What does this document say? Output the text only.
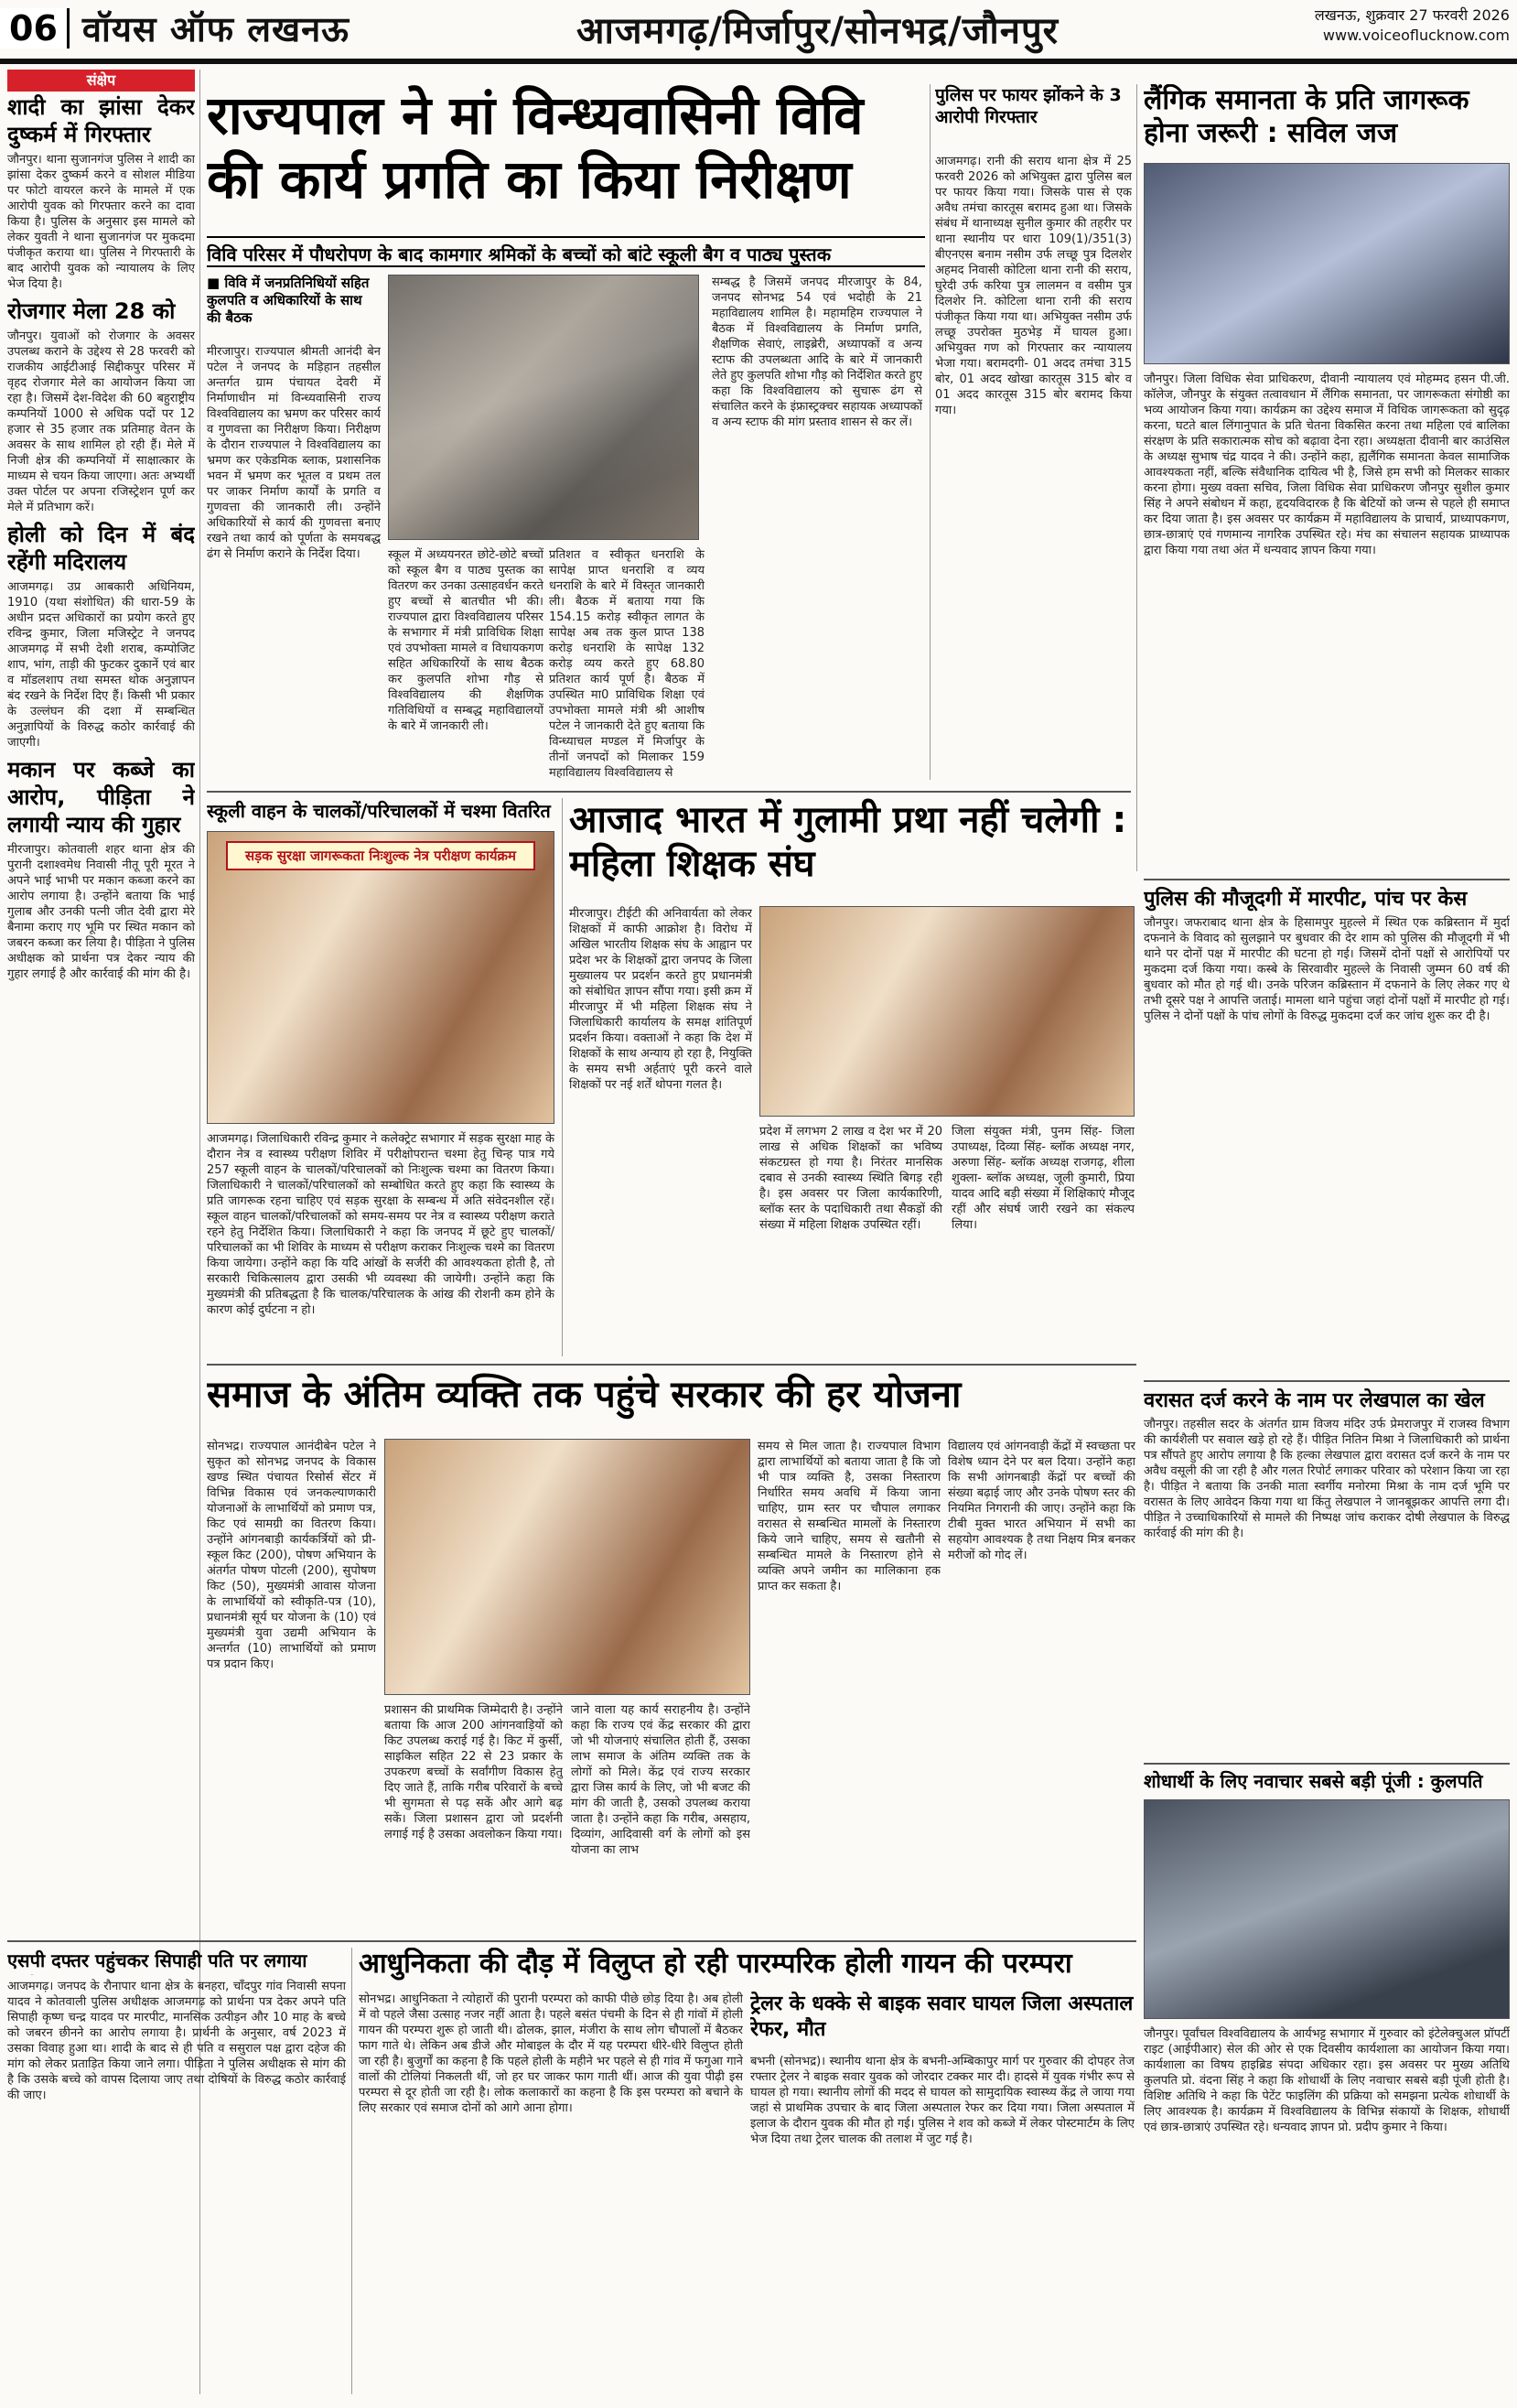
06 वॉयस ऑफ लखनऊ	आजमगढ़/मिर्जापुर/सोनभद्र/जौनपुर	लखनऊ, शुक्रवार 27 फरवरी 2026
www.voiceoflucknow.com
संक्षेप
शादी का झांसा देकर दुष्कर्म में गिरफ्तार

जौनपुर। थाना सुजानगंज पुलिस ने शादी का झांसा देकर दुष्कर्म करने व सोशल मीडिया पर फोटो वायरल करने के मामले में एक आरोपी युवक को गिरफ्तार करने का दावा किया है। पुलिस के अनुसार इस मामले को लेकर युवती ने थाना सुजानगंज पर मुकदमा पंजीकृत कराया था। पुलिस ने गिरफ्तारी के बाद आरोपी युवक को न्यायालय के लिए भेज दिया है।

रोजगार मेला 28 को

जौनपुर। युवाओं को रोजगार के अवसर उपलब्ध कराने के उद्देश्य से 28 फरवरी को राजकीय आईटीआई सिद्दीकपुर परिसर में वृहद रोजगार मेले का आयोजन किया जा रहा है। जिसमें देश-विदेश की 60 बहुराष्ट्रीय कम्पनियों 1000 से अधिक पदों पर 12 हजार से 35 हजार तक प्रतिमाह वेतन के अवसर के साथ शामिल हो रही हैं। मेले में निजी क्षेत्र की कम्पनियों में साक्षात्कार के माध्यम से चयन किया जाएगा। अतः अभ्यर्थी उक्त पोर्टल पर अपना रजिस्ट्रेशन पूर्ण कर मेले में प्रतिभाग करें।

होली को दिन में बंद रहेंगी मदिरालय

आजमगढ़। उप्र आबकारी अधिनियम, 1910 (यथा संशोधित) की धारा-59 के अधीन प्रदत्त अधिकारों का प्रयोग करते हुए रविन्द्र कुमार, जिला मजिस्ट्रेट ने जनपद आजमगढ़ में सभी देशी शराब, कम्पोजिट शाप, भांग, ताड़ी की फुटकर दुकानें एवं बार व मॉडलशाप तथा समस्त थोक अनुज्ञापन बंद रखने के निर्देश दिए हैं। किसी भी प्रकार के उल्लंघन की दशा में सम्बन्धित अनुज्ञापियों के विरुद्ध कठोर कार्रवाई की जाएगी।

मकान पर कब्जे का आरोप, पीड़िता ने लगायी न्याय की गुहार

मीरजापुर। कोतवाली शहर थाना क्षेत्र की पुरानी दशाश्वमेध निवासी नीतू पूरी मूरत ने अपने भाई भाभी पर मकान कब्जा करने का आरोप लगाया है। उन्होंने बताया कि भाई गुलाब और उनकी पत्नी जीत देवी द्वारा मेरे बैनामा कराए गए भूमि पर स्थित मकान को जबरन कब्जा कर लिया है। पीड़िता ने पुलिस अधीक्षक को प्रार्थना पत्र देकर न्याय की गुहार लगाई है और कार्रवाई की मांग की है।

राज्यपाल ने मां विन्ध्यवासिनी विवि की कार्य प्रगति का किया निरीक्षण
विवि परिसर में पौधरोपण के बाद कामगार श्रमिकों के बच्चों को बांटे स्कूली बैग व पाठ्य पुस्तक
■ विवि में जनप्रतिनिधियों सहित कुलपति व अधिकारियों के साथ की बैठक
मीरजापुर। राज्यपाल श्रीमती आनंदी बेन पटेल ने जनपद के मड़िहान तहसील अन्तर्गत ग्राम पंचायत देवरी में निर्माणाधीन मां विन्ध्यवासिनी राज्य विश्वविद्यालय का भ्रमण कर परिसर कार्य व गुणवत्ता का निरीक्षण किया। निरीक्षण के दौरान राज्यपाल ने विश्वविद्यालय का भ्रमण कर एकेडमिक ब्लाक, प्रशासनिक भवन में भ्रमण कर भूतल व प्रथम तल पर जाकर निर्माण कार्यों के प्रगति व गुणवत्ता की जानकारी ली। उन्होंने अधिकारियों से कार्य की गुणवत्ता बनाए रखने तथा कार्य को पूर्णता के समयबद्ध ढंग से निर्माण कराने के निर्देश दिया।	स्कूल में अध्ययनरत छोटे-छोटे बच्चों को स्कूल बैग व पाठ्य पुस्तक का वितरण कर उनका उत्साहवर्धन करते हुए बच्चों से बातचीत भी की। राज्यपाल द्वारा विश्वविद्यालय परिसर के सभागार में मंत्री प्राविधिक शिक्षा एवं उपभोक्ता मामले व विधायकगण सहित अधिकारियों के साथ बैठक कर कुलपति शोभा गौड़ से विश्वविद्यालय की शैक्षणिक गतिविधियों व सम्बद्ध महाविद्यालयों के बारे में जानकारी ली।
प्रतिशत व स्वीकृत धनराशि के सापेक्ष प्राप्त धनराशि व व्यय धनराशि के बारे में विस्तृत जानकारी ली। बैठक में बताया गया कि 154.15 करोड़ स्वीकृत लागत के सापेक्ष अब तक कुल प्राप्त 138 करोड़ धनराशि के सापेक्ष 132 करोड़ व्यय करते हुए 68.80 प्रतिशत कार्य पूर्ण है। बैठक में उपस्थित मा0 प्राविधिक शिक्षा एवं उपभोक्ता मामले मंत्री श्री आशीष पटेल ने जानकारी देते हुए बताया कि विन्ध्याचल मण्डल में मिर्जापुर के तीनों जनपदों को मिलाकर 159 महाविद्यालय विश्वविद्यालय से
सम्बद्ध है जिसमें जनपद मीरजापुर के 84, जनपद सोनभद्र 54 एवं भदोही के 21 महाविद्यालय शामिल है। महामहिम राज्यपाल ने बैठक में विश्वविद्यालय के निर्माण प्रगति, शैक्षणिक सेवाएं, लाइब्रेरी, अध्यापकों व अन्य स्टाफ की उपलब्धता आदि के बारे में जानकारी लेते हुए कुलपति शोभा गौड़ को निर्देशित करते हुए कहा कि विश्वविद्यालय को सुचारू ढंग से संचालित करने के इंफ्रास्ट्रक्चर सहायक अध्यापकों व अन्य स्टाफ की मांग प्रस्ताव शासन से कर लें।
पुलिस पर फायर झोंकने के 3 आरोपी गिरफ्तार
आजमगढ़। रानी की सराय थाना क्षेत्र में 25 फरवरी 2026 को अभियुक्त द्वारा पुलिस बल पर फायर किया गया। जिसके पास से एक अवैध तमंचा कारतूस बरामद हुआ था। जिसके संबंध में थानाध्यक्ष सुनील कुमार की तहरीर पर थाना स्थानीय पर धारा 109(1)/351(3) बीएनएस बनाम नसीम उर्फ लच्छू पुत्र दिलशेर अहमद निवासी कोटिला थाना रानी की सराय, घुरेदी उर्फ करिया पुत्र लालमन व वसीम पुत्र दिलशेर नि. कोटिला थाना रानी की सराय पंजीकृत किया गया था। अभियुक्त नसीम उर्फ लच्छू उपरोक्त मुठभेड़ में घायल हुआ। अभियुक्त गण को गिरफ्तार कर न्यायालय भेजा गया। बरामदगी- 01 अदद तमंचा 315 बोर, 01 अदद खोखा कारतूस 315 बोर व 01 अदद कारतूस 315 बोर बरामद किया गया।
लैंगिक समानता के प्रति जागरूक होना जरूरी : सविल जज
जौनपुर। जिला विधिक सेवा प्राधिकरण, दीवानी न्यायालय एवं मोहम्मद हसन पी.जी. कॉलेज, जौनपुर के संयुक्त तत्वावधान में लैंगिक समानता, पर जागरूकता संगोष्ठी का भव्य आयोजन किया गया। कार्यक्रम का उद्देश्य समाज में विधिक जागरूकता को सुदृढ़ करना, घटते बाल लिंगानुपात के प्रति चेतना विकसित करना तथा महिला एवं बालिका संरक्षण के प्रति सकारात्मक सोच को बढ़ावा देना रहा। अध्यक्षता दीवानी बार काउंसिल के अध्यक्ष सुभाष चंद्र यादव ने की। उन्होंने कहा, ह्यलैंगिक समानता केवल सामाजिक आवश्यकता नहीं, बल्कि संवैधानिक दायित्व भी है, जिसे हम सभी को मिलकर साकार करना होगा। मुख्य वक्ता सचिव, जिला विधिक सेवा प्राधिकरण जौनपुर सुशील कुमार सिंह ने अपने संबोधन में कहा, हृदयविदारक है कि बेटियों को जन्म से पहले ही समाप्त कर दिया जाता है। इस अवसर पर कार्यक्रम में महाविद्यालय के प्राचार्य, प्राध्यापकगण, छात्र-छात्राएं एवं गणमान्य नागरिक उपस्थित रहे। मंच का संचालन सहायक प्राध्यापक द्वारा किया गया तथा अंत में धन्यवाद ज्ञापन किया गया।
स्कूली वाहन के चालकों/परिचालकों में चश्मा वितरित
सड़क सुरक्षा जागरूकता निःशुल्क नेत्र परीक्षण कार्यक्रम
आजमगढ़। जिलाधिकारी रविन्द्र कुमार ने कलेक्ट्रेट सभागार में सड़क सुरक्षा माह के दौरान नेत्र व स्वास्थ्य परीक्षण शिविर में परीक्षोपरान्त चश्मा हेतु चिन्ह पात्र गये 257 स्कूली वाहन के चालकों/परिचालकों को निःशुल्क चश्मा का वितरण किया। जिलाधिकारी ने चालकों/परिचालकों को सम्बोधित करते हुए कहा कि स्वास्थ्य के प्रति जागरूक रहना चाहिए एवं सड़क सुरक्षा के सम्बन्ध में अति संवेदनशील रहें। स्कूल वाहन चालकों/परिचालकों को समय-समय पर नेत्र व स्वास्थ्य परीक्षण कराते रहने हेतु निर्देशित किया। जिलाधिकारी ने कहा कि जनपद में छूटे हुए चालकों/परिचालकों का भी शिविर के माध्यम से परीक्षण कराकर निःशुल्क चश्मे का वितरण किया जायेगा। उन्होंने कहा कि यदि आंखों के सर्जरी की आवश्यकता होती है, तो सरकारी चिकित्सालय द्वारा उसकी भी व्यवस्था की जायेगी। उन्होंने कहा कि मुख्यमंत्री की प्रतिबद्धता है कि चालक/परिचालक के आंख की रोशनी कम होने के कारण कोई दुर्घटना न हो।
आजाद भारत में गुलामी प्रथा नहीं चलेगी : महिला शिक्षक संघ
मीरजापुर। टीईटी की अनिवार्यता को लेकर शिक्षकों में काफी आक्रोश है। विरोध में अखिल भारतीय शिक्षक संघ के आह्वान पर प्रदेश भर के शिक्षकों द्वारा जनपद के जिला मुख्यालय पर प्रदर्शन करते हुए प्रधानमंत्री को संबोधित ज्ञापन सौंपा गया। इसी क्रम में मीरजापुर में भी महिला शिक्षक संघ ने जिलाधिकारी कार्यालय के समक्ष शांतिपूर्ण प्रदर्शन किया। वक्ताओं ने कहा कि देश में शिक्षकों के साथ अन्याय हो रहा है, नियुक्ति के समय सभी अर्हताएं पूरी करने वाले शिक्षकों पर नई शर्तें थोपना गलत है।
प्रदेश में लगभग 2 लाख व देश भर में 20 लाख से अधिक शिक्षकों का भविष्य संकटग्रस्त हो गया है। निरंतर मानसिक दबाव से उनकी स्वास्थ्य स्थिति बिगड़ रही है। इस अवसर पर जिला कार्यकारिणी, ब्लॉक स्तर के पदाधिकारी तथा सैकड़ों की संख्या में महिला शिक्षक उपस्थित रहीं।
जिला संयुक्त मंत्री, पुनम सिंह- जिला उपाध्यक्ष, दिव्या सिंह- ब्लॉक अध्यक्ष नगर, अरुणा सिंह- ब्लॉक अध्यक्ष राजगढ़, शीला शुक्ला- ब्लॉक अध्यक्ष, जूली कुमारी, प्रिया यादव आदि बड़ी संख्या में शिक्षिकाएं मौजूद रहीं और संघर्ष जारी रखने का संकल्प लिया।
पुलिस की मौजूदगी में मारपीट, पांच पर केस
जौनपुर। जफराबाद थाना क्षेत्र के हिसामपुर मुहल्ले में स्थित एक कब्रिस्तान में मुर्दा दफनाने के विवाद को सुलझाने पर बुधवार की देर शाम को पुलिस की मौजूदगी में भी थाने पर दोनों पक्ष में मारपीट की घटना हो गई। जिसमें दोनों पक्षों से आरोपियों पर मुकदमा दर्ज किया गया। कस्बे के सिरवावीर मुहल्ले के निवासी जुम्मन 60 वर्ष की बुधवार को मौत हो गई थी। उनके परिजन कब्रिस्तान में दफनाने के लिए लेकर गए थे तभी दूसरे पक्ष ने आपत्ति जताई। मामला थाने पहुंचा जहां दोनों पक्षों में मारपीट हो गई। पुलिस ने दोनों पक्षों के पांच लोगों के विरुद्ध मुकदमा दर्ज कर जांच शुरू कर दी है।
वरासत दर्ज करने के नाम पर लेखपाल का खेल
जौनपुर। तहसील सदर के अंतर्गत ग्राम विजय मंदिर उर्फ प्रेमराजपुर में राजस्व विभाग की कार्यशैली पर सवाल खड़े हो रहे हैं। पीड़ित नितिन मिश्रा ने जिलाधिकारी को प्रार्थना पत्र सौंपते हुए आरोप लगाया है कि हल्का लेखपाल द्वारा वरासत दर्ज करने के नाम पर अवैध वसूली की जा रही है और गलत रिपोर्ट लगाकर परिवार को परेशान किया जा रहा है। पीड़ित ने बताया कि उनकी माता स्वर्गीय मनोरमा मिश्रा के नाम दर्ज भूमि पर वरासत के लिए आवेदन किया गया था किंतु लेखपाल ने जानबूझकर आपत्ति लगा दी। पीड़ित ने उच्चाधिकारियों से मामले की निष्पक्ष जांच कराकर दोषी लेखपाल के विरुद्ध कार्रवाई की मांग की है।
शोधार्थी के लिए नवाचार सबसे बड़ी पूंजी : कुलपति
जौनपुर। पूर्वांचल विश्वविद्यालय के आर्यभट्ट सभागार में गुरुवार को इंटेलेक्चुअल प्रॉपर्टी राइट (आईपीआर) सेल की ओर से एक दिवसीय कार्यशाला का आयोजन किया गया। कार्यशाला का विषय हाइब्रिड संपदा अधिकार रहा। इस अवसर पर मुख्य अतिथि कुलपति प्रो. वंदना सिंह ने कहा कि शोधार्थी के लिए नवाचार सबसे बड़ी पूंजी होती है। विशिष्ट अतिथि ने कहा कि पेटेंट फाइलिंग की प्रक्रिया को समझना प्रत्येक शोधार्थी के लिए आवश्यक है। कार्यक्रम में विश्वविद्यालय के विभिन्न संकायों के शिक्षक, शोधार्थी एवं छात्र-छात्राएं उपस्थित रहे। धन्यवाद ज्ञापन प्रो. प्रदीप कुमार ने किया।
समाज के अंतिम व्यक्ति तक पहुंचे सरकार की हर योजना
सोनभद्र। राज्यपाल आनंदीबेन पटेल ने सुकृत को सोनभद्र जनपद के विकास खण्ड स्थित पंचायत रिसोर्स सेंटर में विभिन्न विकास एवं जनकल्याणकारी योजनाओं के लाभार्थियों को प्रमाण पत्र, किट एवं सामग्री का वितरण किया। उन्होंने आंगनबाड़ी कार्यकर्त्रियों को प्री-स्कूल किट (200), पोषण अभियान के अंतर्गत पोषण पोटली (200), सुपोषण किट (50), मुख्यमंत्री आवास योजना के लाभार्थियों को स्वीकृति-पत्र (10), प्रधानमंत्री सूर्य घर योजना के (10) एवं मुख्यमंत्री युवा उद्यमी अभियान के अन्तर्गत (10) लाभार्थियों को प्रमाण पत्र प्रदान किए।
प्रशासन की प्राथमिक जिम्मेदारी है। उन्होंने बताया कि आज 200 आंगनवाड़ियों को किट उपलब्ध कराई गई है। किट में कुर्सी, साइकिल सहित 22 से 23 प्रकार के उपकरण बच्चों के सर्वांगीण विकास हेतु दिए जाते हैं, ताकि गरीब परिवारों के बच्चे भी सुगमता से पढ़ सकें और आगे बढ़ सकें। जिला प्रशासन द्वारा जो प्रदर्शनी लगाई गई है उसका अवलोकन किया गया।
जाने वाला यह कार्य सराहनीय है। उन्होंने कहा कि राज्य एवं केंद्र सरकार की द्वारा जो भी योजनाएं संचालित होती हैं, उसका लाभ समाज के अंतिम व्यक्ति तक के लोगों को मिले। केंद्र एवं राज्य सरकार द्वारा जिस कार्य के लिए, जो भी बजट की मांग की जाती है, उसको उपलब्ध कराया जाता है। उन्होंने कहा कि गरीब, असहाय, दिव्यांग, आदिवासी वर्ग के लोगों को इस योजना का लाभ
समय से मिल जाता है। राज्यपाल विभाग द्वारा लाभार्थियों को बताया जाता है कि जो भी पात्र व्यक्ति है, उसका निस्तारण निर्धारित समय अवधि में किया जाना चाहिए, ग्राम स्तर पर चौपाल लगाकर वरासत से सम्बन्धित मामलों के निस्तारण किये जाने चाहिए, समय से खतौनी से सम्बन्धित मामले के निस्तारण होने से व्यक्ति अपने जमीन का मालिकाना हक प्राप्त कर सकता है।
विद्यालय एवं आंगनवाड़ी केंद्रों में स्वच्छता पर विशेष ध्यान देने पर बल दिया। उन्होंने कहा कि सभी आंगनबाड़ी केंद्रों पर बच्चों की संख्या बढ़ाई जाए और उनके पोषण स्तर की नियमित निगरानी की जाए। उन्होंने कहा कि टीबी मुक्त भारत अभियान में सभी का सहयोग आवश्यक है तथा निक्षय मित्र बनकर मरीजों को गोद लें।
एसपी दफ्तर पहुंचकर सिपाही पति पर लगाया
आजमगढ़। जनपद के रौनापार थाना क्षेत्र के बनहरा, चाँदपुर गांव निवासी सपना यादव ने कोतवाली पुलिस अधीक्षक आजमगढ़ को प्रार्थना पत्र देकर अपने पति सिपाही कृष्ण चन्द्र यादव पर मारपीट, मानसिक उत्पीड़न और 10 माह के बच्चे को जबरन छीनने का आरोप लगाया है। प्रार्थनी के अनुसार, वर्ष 2023 में उसका विवाह हुआ था। शादी के बाद से ही पति व ससुराल पक्ष द्वारा दहेज की मांग को लेकर प्रताड़ित किया जाने लगा। पीड़िता ने पुलिस अधीक्षक से मांग की है कि उसके बच्चे को वापस दिलाया जाए तथा दोषियों के विरुद्ध कठोर कार्रवाई की जाए।
आधुनिकता की दौड़ में विलुप्त हो रही पारम्परिक होली गायन की परम्परा
सोनभद्र। आधुनिकता ने त्योहारों की पुरानी परम्परा को काफी पीछे छोड़ दिया है। अब होली में वो पहले जैसा उत्साह नजर नहीं आता है। पहले बसंत पंचमी के दिन से ही गांवों में होली गायन की परम्परा शुरू हो जाती थी। ढोलक, झाल, मंजीरा के साथ लोग चौपालों में बैठकर फाग गाते थे। लेकिन अब डीजे और मोबाइल के दौर में यह परम्परा धीरे-धीरे विलुप्त होती जा रही है। बुजुर्गों का कहना है कि पहले होली के महीने भर पहले से ही गांव में फगुआ गाने वालों की टोलियां निकलती थीं, जो हर घर जाकर फाग गाती थीं। आज की युवा पीढ़ी इस परम्परा से दूर होती जा रही है। लोक कलाकारों का कहना है कि इस परम्परा को बचाने के लिए सरकार एवं समाज दोनों को आगे आना होगा।
ट्रेलर के धक्के से बाइक सवार घायल जिला अस्पताल रेफर, मौत
बभनी (सोनभद्र)। स्थानीय थाना क्षेत्र के बभनी-अम्बिकापुर मार्ग पर गुरुवार की दोपहर तेज रफ्तार ट्रेलर ने बाइक सवार युवक को जोरदार टक्कर मार दी। हादसे में युवक गंभीर रूप से घायल हो गया। स्थानीय लोगों की मदद से घायल को सामुदायिक स्वास्थ्य केंद्र ले जाया गया जहां से प्राथमिक उपचार के बाद जिला अस्पताल रेफर कर दिया गया। जिला अस्पताल में इलाज के दौरान युवक की मौत हो गई। पुलिस ने शव को कब्जे में लेकर पोस्टमार्टम के लिए भेज दिया तथा ट्रेलर चालक की तलाश में जुट गई है।
